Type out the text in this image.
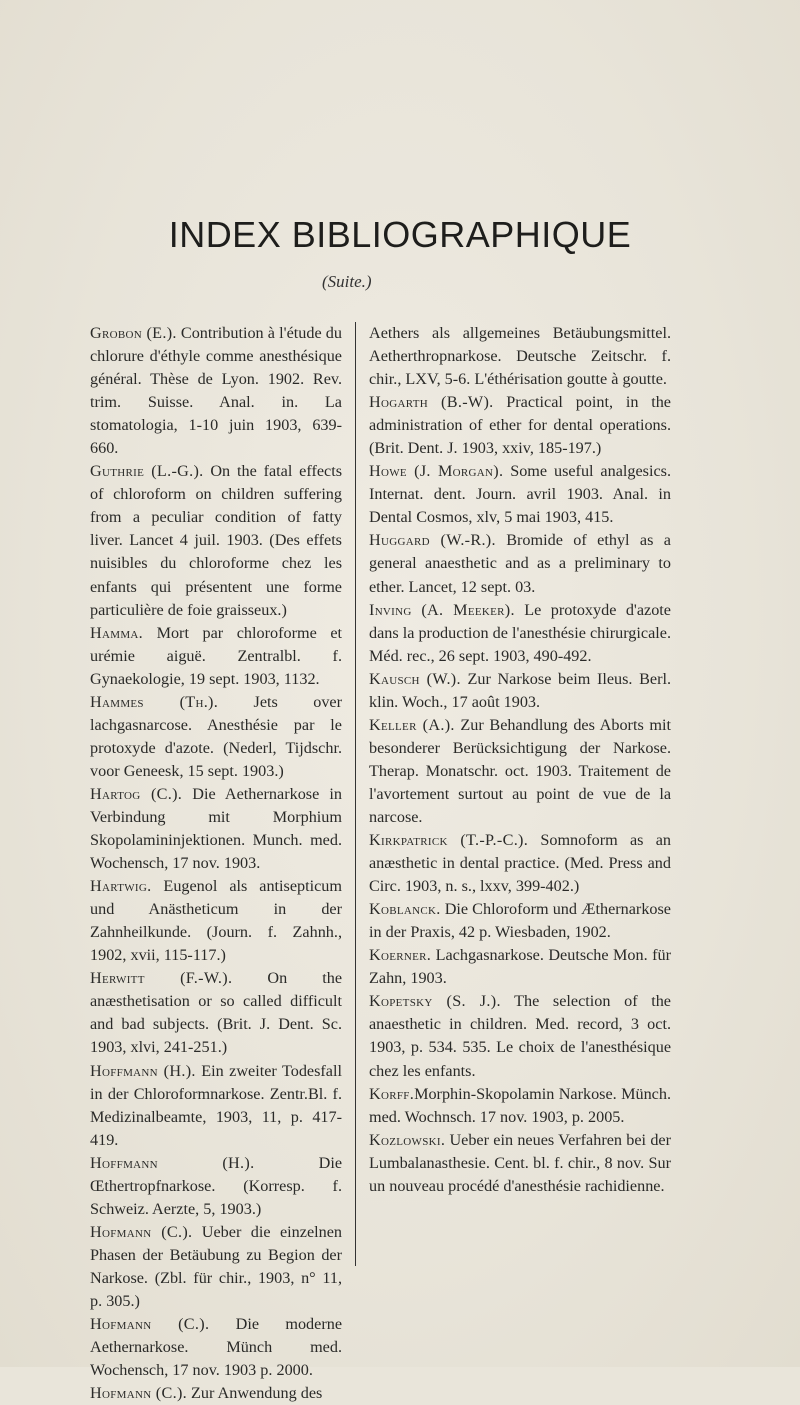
INDEX BIBLIOGRAPHIQUE

(Suite.)

Grobon (E.). Contribution à l'étude du chlorure d'éthyle comme anesthésique général. Thèse de Lyon. 1902. Rev. trim. Suisse. Anal. in. La stomatologia, 1-10 juin 1903, 639-660.

Guthrie (L.-G.). On the fatal effects of chloroform on children suffering from a peculiar condition of fatty liver. Lancet 4 juil. 1903. (Des effets nuisibles du chloroforme chez les enfants qui présentent une forme particulière de foie graisseux.)

Hamma. Mort par chloroforme et urémie aiguë. Zentralbl. f. Gynaekologie, 19 sept. 1903, 1132.

Hammes (Th.). Jets over lachgasnarcose. Anesthésie par le protoxyde d'azote. (Nederl, Tijdschr. voor Geneesk, 15 sept. 1903.)

Hartog (C.). Die Aethernarkose in Verbindung mit Morphium Skopolamininjektionen. Munch. med. Wochensch, 17 nov. 1903.

Hartwig. Eugenol als antisepticum und Anästheticum in der Zahnheilkunde. (Journ. f. Zahnh., 1902, xvii, 115-117.)

Herwitt (F.-W.). On the anæsthetisation or so called difficult and bad subjects. (Brit. J. Dent. Sc. 1903, xlvi, 241-251.)

Hoffmann (H.). Ein zweiter Todesfall in der Chloroformnarkose. Zentr.Bl. f. Medizinalbeamte, 1903, 11, p. 417-419.

Hoffmann (H.). Die Œthertropfnarkose. (Korresp. f. Schweiz. Aerzte, 5, 1903.)

Hofmann (C.). Ueber die einzelnen Phasen der Betäubung zu Begion der Narkose. (Zbl. für chir., 1903, n° 11, p. 305.)

Hofmann (C.). Die moderne Aethernarkose. Münch med. Wochensch, 17 nov. 1903 p. 2000.

Hofmann (C.). Zur Anwendung des

Aethers als allgemeines Betäubungsmittel. Aetherthropnarkose. Deutsche Zeitschr. f. chir., LXV, 5-6. L'éthérisation goutte à goutte.

Hogarth (B.-W). Practical point, in the administration of ether for dental operations. (Brit. Dent. J. 1903, xxiv, 185-197.)

Howe (J. Morgan). Some useful analgesics. Internat. dent. Journ. avril 1903. Anal. in Dental Cosmos, xlv, 5 mai 1903, 415.

Huggard (W.-R.). Bromide of ethyl as a general anaesthetic and as a preliminary to ether. Lancet, 12 sept. 03.

Inving (A. Meeker). Le protoxyde d'azote dans la production de l'anesthésie chirurgicale. Méd. rec., 26 sept. 1903, 490-492.

Kausch (W.). Zur Narkose beim Ileus. Berl. klin. Woch., 17 août 1903.

Keller (A.). Zur Behandlung des Aborts mit besonderer Berücksichtigung der Narkose. Therap. Monatschr. oct. 1903. Traitement de l'avortement surtout au point de vue de la narcose.

Kirkpatrick (T.-P.-C.). Somnoform as an anæsthetic in dental practice. (Med. Press and Circ. 1903, n. s., lxxv, 399-402.)

Koblanck. Die Chloroform und Æthernarkose in der Praxis, 42 p. Wiesbaden, 1902.

Koerner. Lachgasnarkose. Deutsche Mon. für Zahn, 1903.

Kopetsky (S. J.). The selection of the anaesthetic in children. Med. record, 3 oct. 1903, p. 534. 535. Le choix de l'anesthésique chez les enfants.

Korff.Morphin-Skopolamin Narkose. Münch. med. Wochnsch. 17 nov. 1903, p. 2005.

Kozlowski. Ueber ein neues Verfahren bei der Lumbalanasthesie. Cent. bl. f. chir., 8 nov. Sur un nouveau procédé d'anesthésie rachidienne.
